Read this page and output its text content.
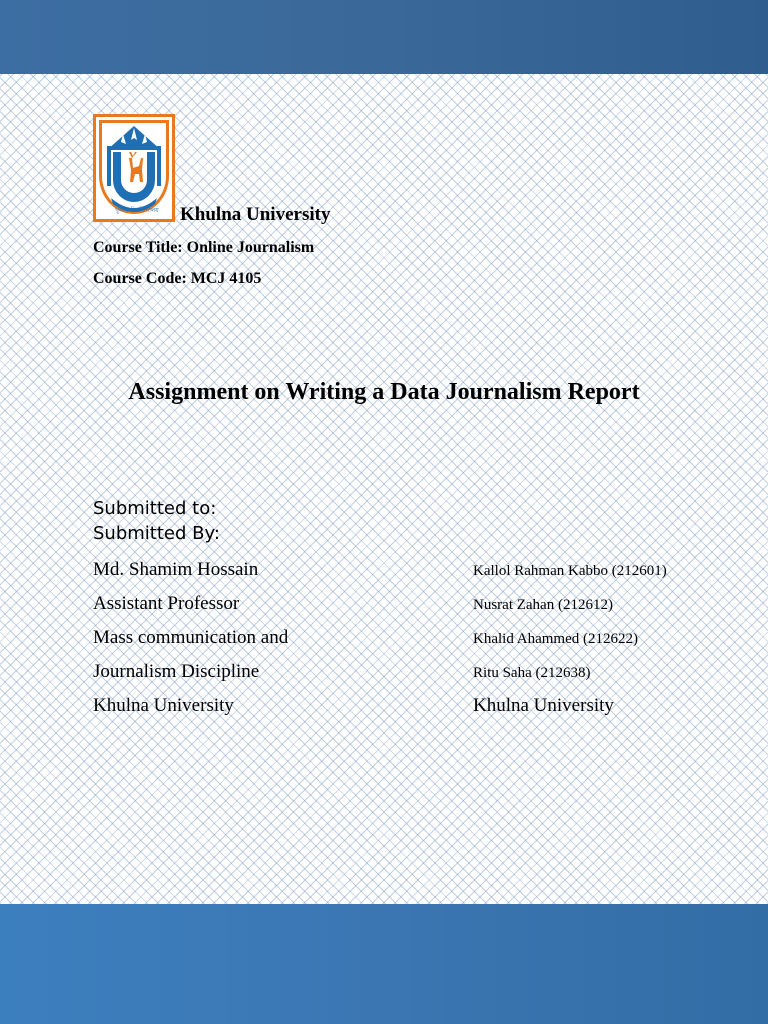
খুলনা বিশ্ববিদ্যালয় Khulna University
Course Title: Online Journalism
Course Code: MCJ 4105
Assignment on Writing a Data Journalism Report
Submitted to:
Submitted By:
Md. Shamim Hossain
Assistant Professor
Mass communication and
Journalism Discipline
Khulna University
Kallol Rahman Kabbo (212601)
Nusrat Zahan (212612)
Khalid Ahammed (212622)
Ritu Saha (212638)
Khulna University
